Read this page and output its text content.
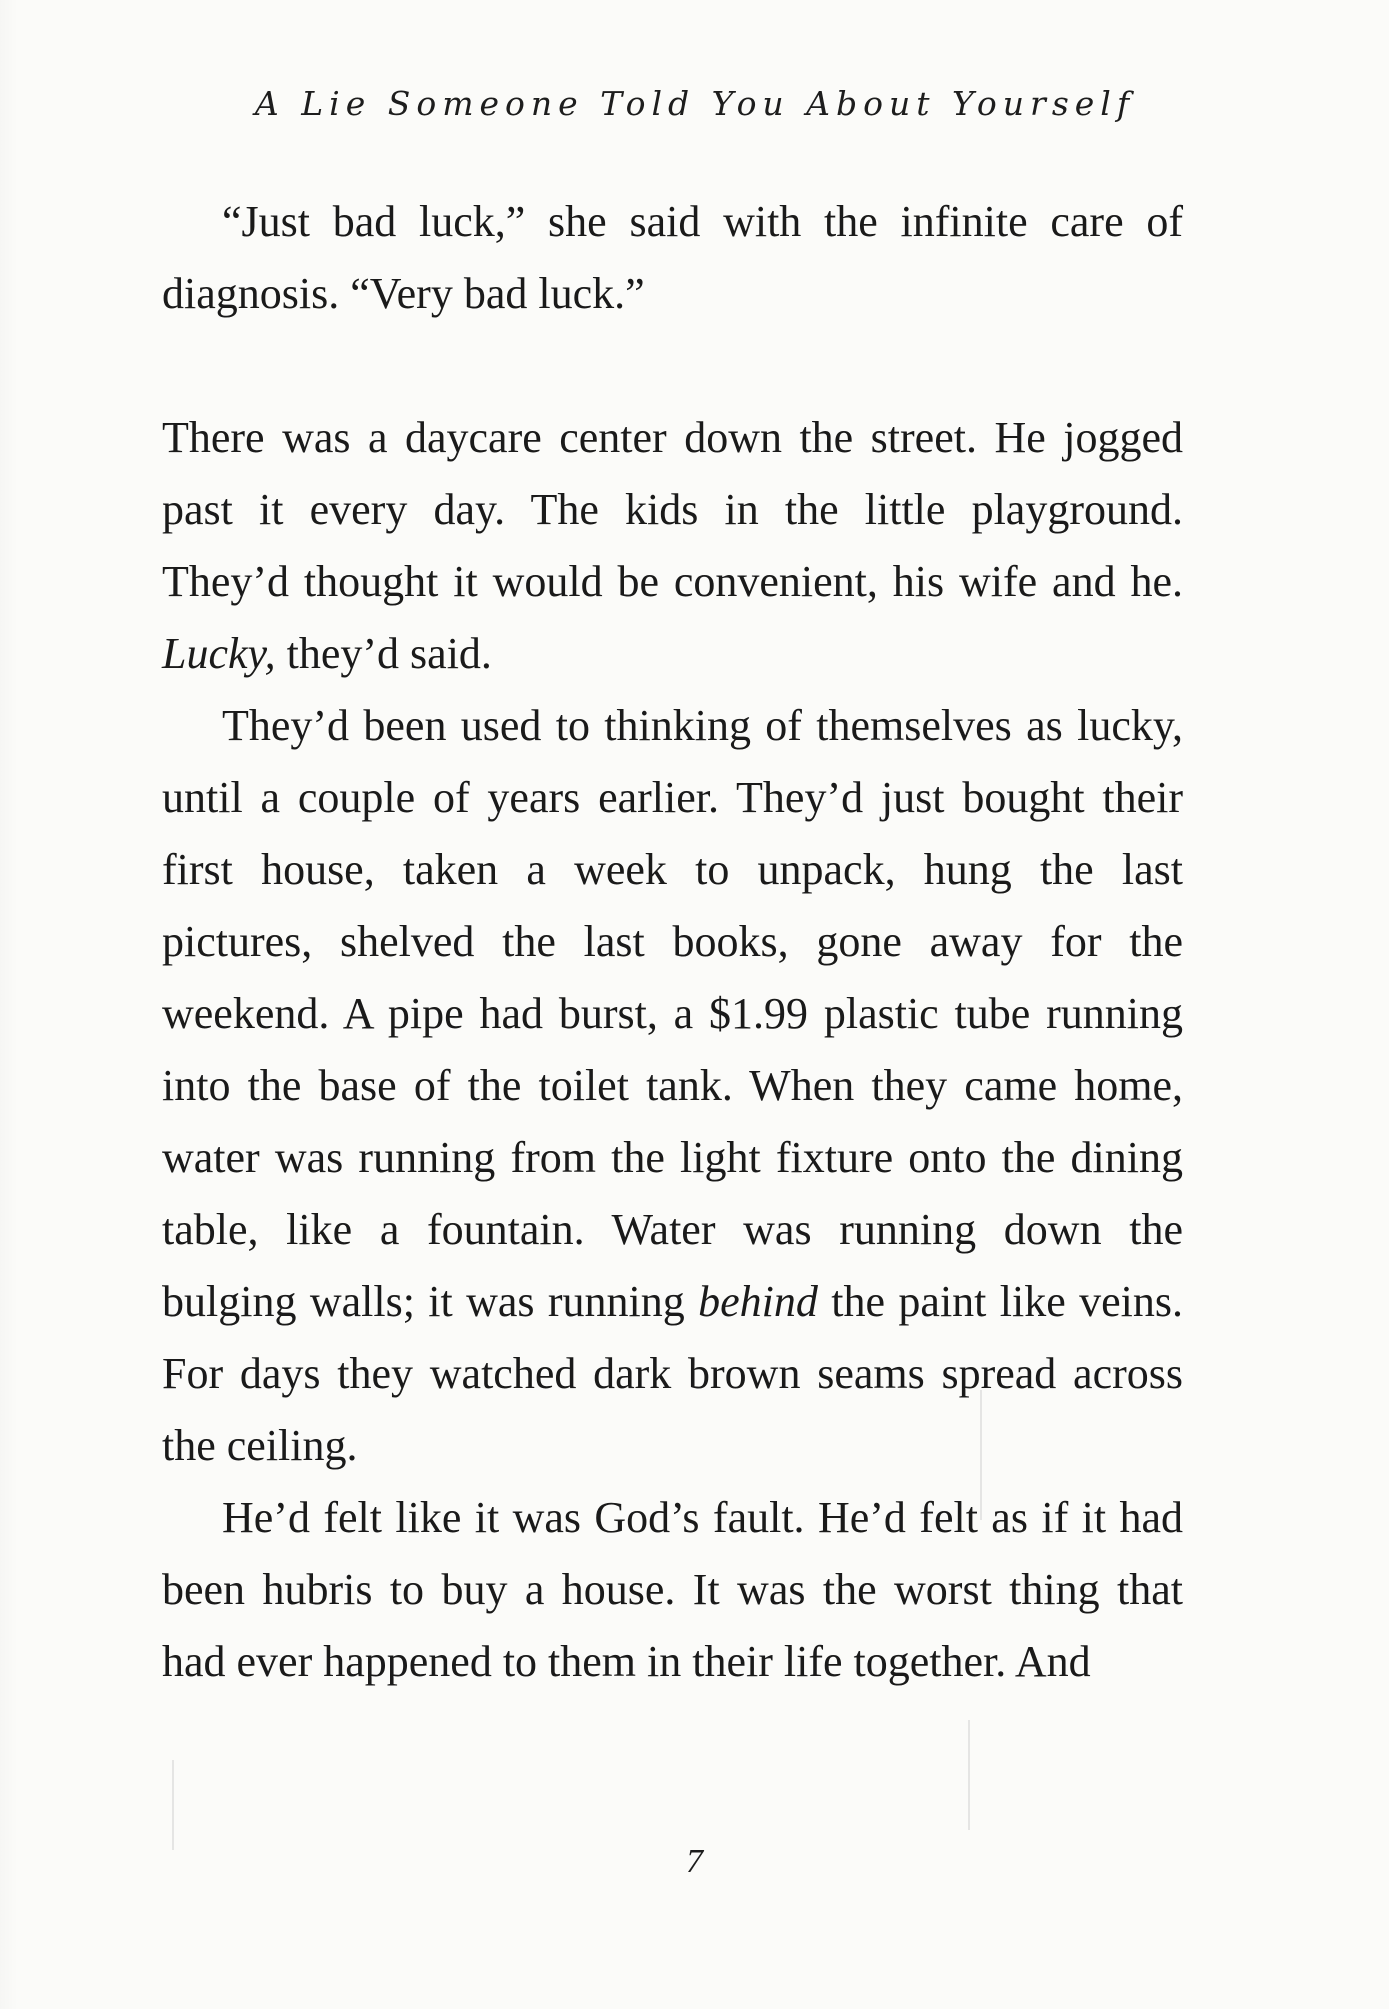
A Lie Someone Told You About Yourself

“Just bad luck,” she said with the infinite care of diagnosis. “Very bad luck.”

There was a daycare center down the street. He jogged past it every day. The kids in the little playground. They’d thought it would be convenient, his wife and he. Lucky, they’d said.

They’d been used to thinking of themselves as lucky, until a couple of years earlier. They’d just bought their first house, taken a week to unpack, hung the last pictures, shelved the last books, gone away for the weekend. A pipe had burst, a $1.99 plastic tube running into the base of the toilet tank. When they came home, water was running from the light fixture onto the dining table, like a fountain. Water was running down the bulging walls; it was running behind the paint like veins. For days they watched dark brown seams spread across the ceiling.

He’d felt like it was God’s fault. He’d felt as if it had been hubris to buy a house. It was the worst thing that had ever happened to them in their life together. And

7
